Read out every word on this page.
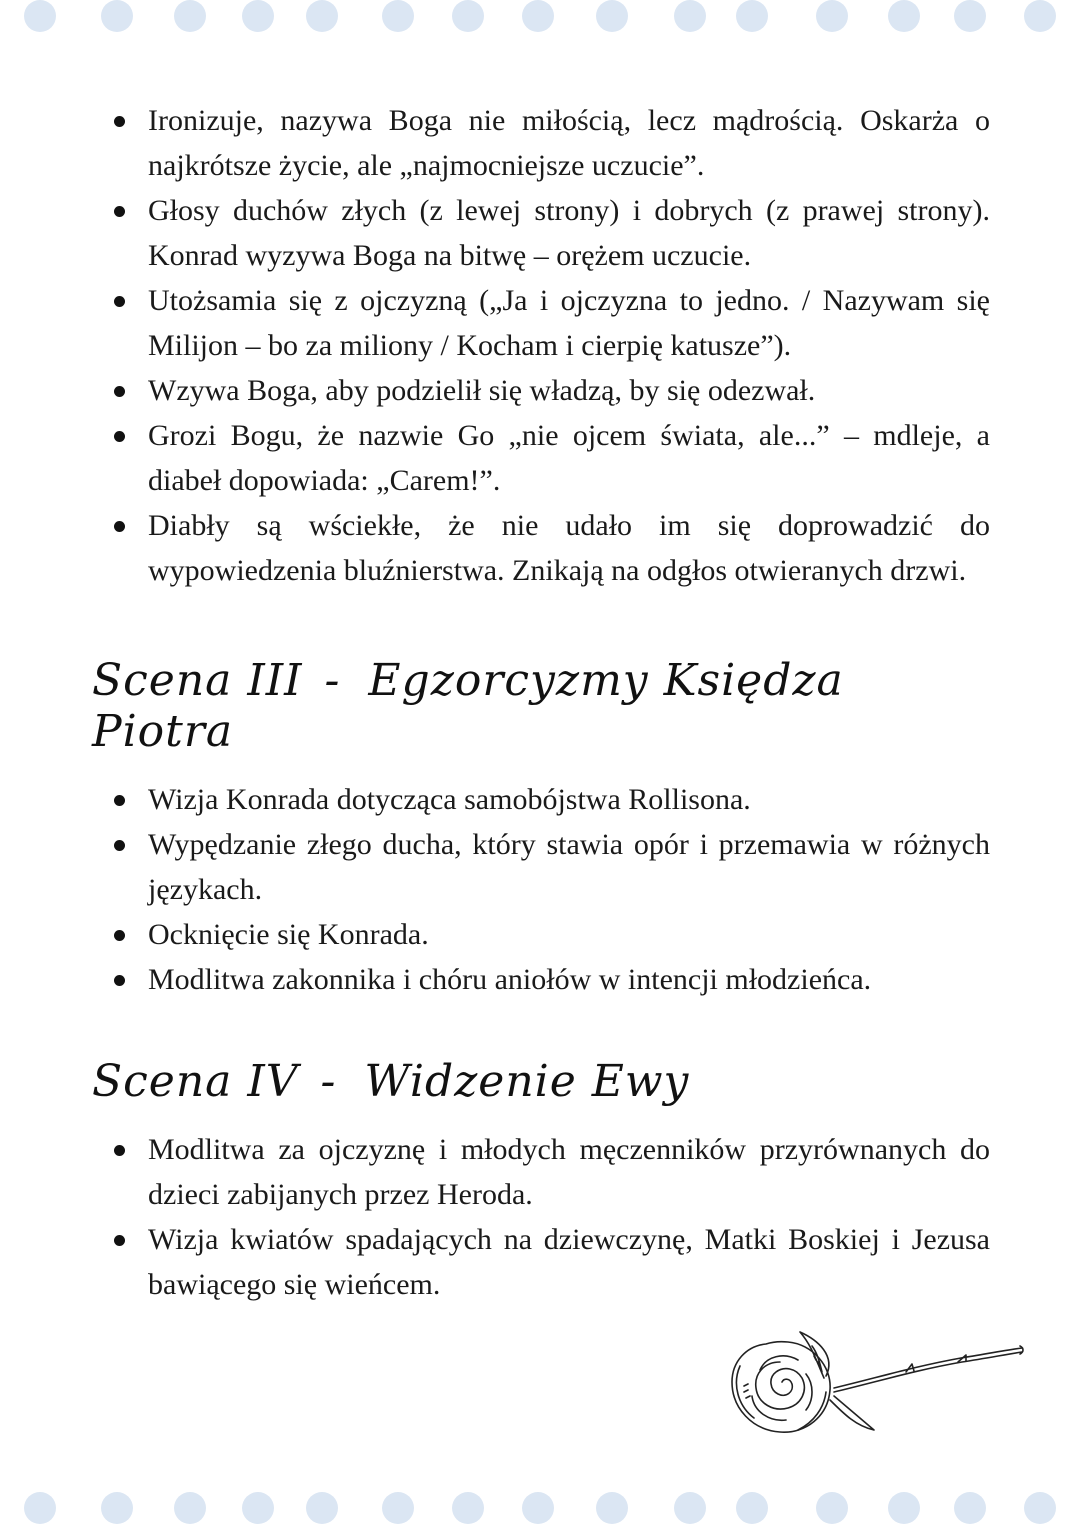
Ironizuje, nazywa Boga nie miłością, lecz mądrością. Oskarża o najkrótsze życie, ale „najmocniejsze uczucie”.
Głosy duchów złych (z lewej strony) i dobrych (z prawej strony). Konrad wyzywa Boga na bitwę – orężem uczucie.
Utożsamia się z ojczyzną („Ja i ojczyzna to jedno. / Nazywam się Milijon – bo za miliony / Kocham i cierpię katusze”).
Wzywa Boga, aby podzielił się władzą, by się odezwał.
Grozi Bogu, że nazwie Go „nie ojcem świata, ale...” – mdleje, a diabeł dopowiada: „Carem!”.
Diabły są wściekłe, że nie udało im się doprowadzić do wypowiedzenia bluźnierstwa. Znikają na odgłos otwieranych drzwi.
Scena III - Egzorcyzmy Księdza Piotra
Wizja Konrada dotycząca samobójstwa Rollisona.
Wypędzanie złego ducha, który stawia opór i przemawia w różnych językach.
Ocknięcie się Konrada.
Modlitwa zakonnika i chóru aniołów w intencji młodzieńca.
Scena IV - Widzenie Ewy
Modlitwa za ojczyznę i młodych męczenników przyrównanych do dzieci zabijanych przez Heroda.
Wizja kwiatów spadających na dziewczynę, Matki Boskiej i Jezusa bawiącego się wieńcem.
